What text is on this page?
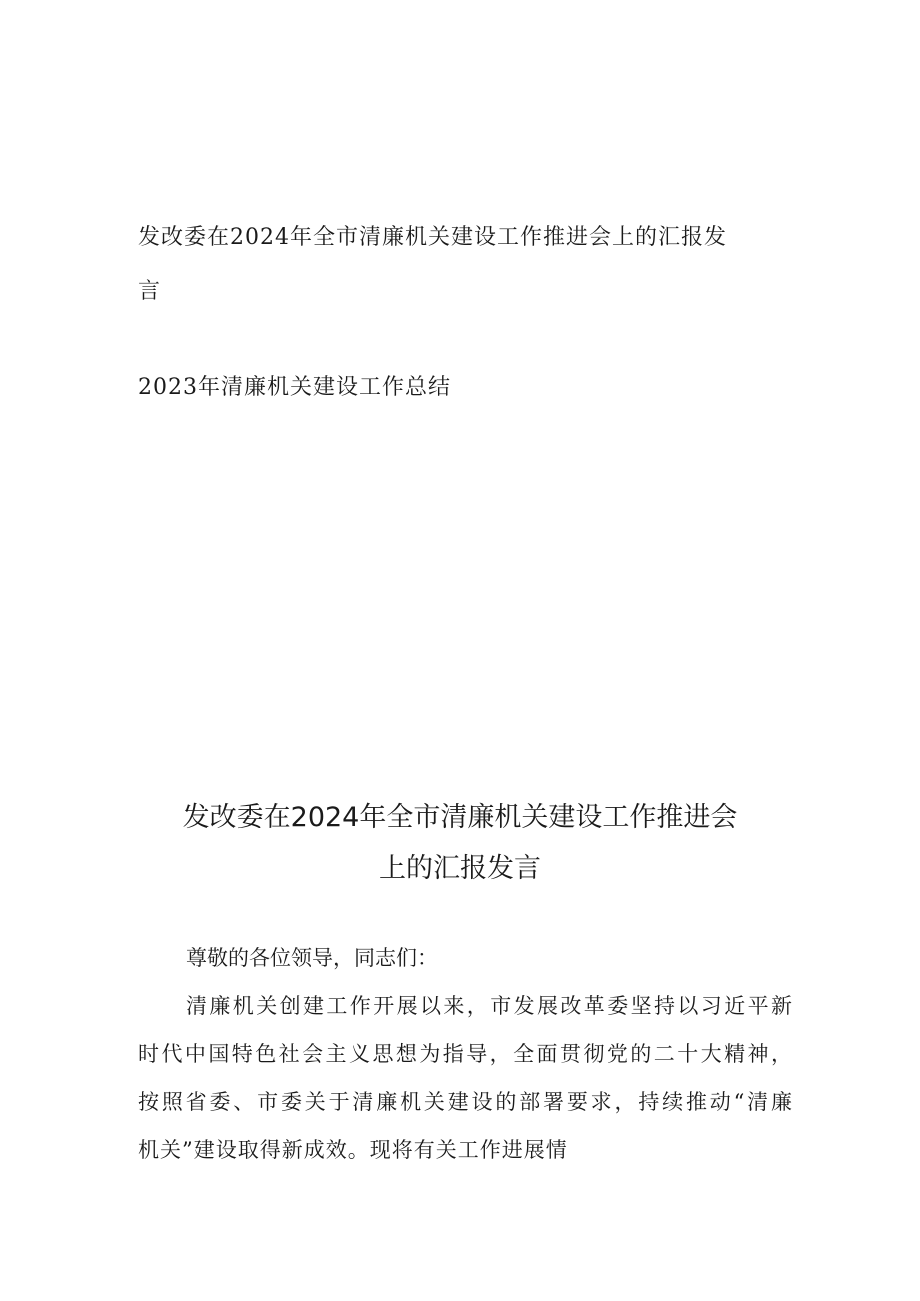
发改委在2024年全市清廉机关建设工作推进会上的汇报发
言
2023年清廉机关建设工作总结
发改委在2024年全市清廉机关建设工作推进会
上的汇报发言
尊敬的各位领导，同志们：
清廉机关创建工作开展以来，市发展改革委坚持以习近平新
时代中国特色社会主义思想为指导，全面贯彻党的二十大精神，
按照省委、市委关于清廉机关建设的部署要求，持续推动“清廉
机关”建设取得新成效。现将有关工作进展情
